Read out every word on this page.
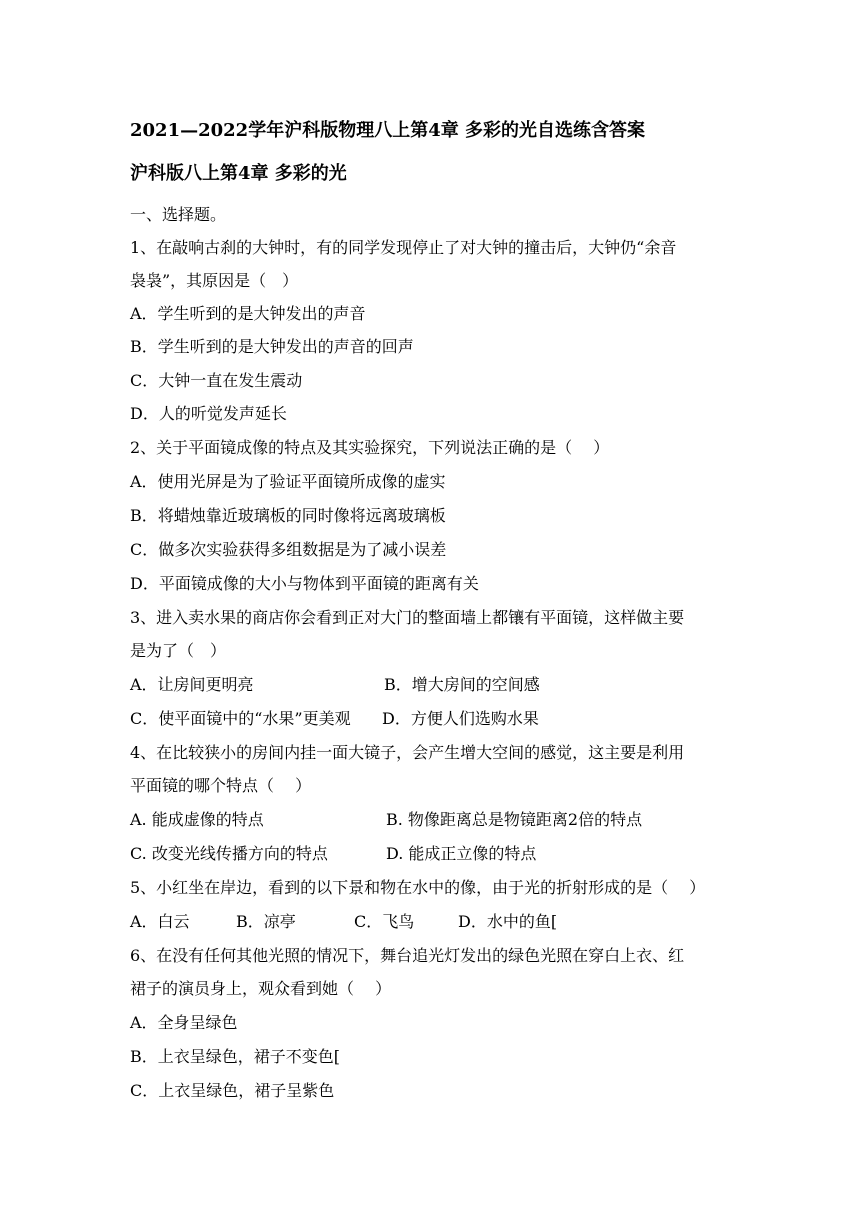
2021—2022学年沪科版物理八上第4章 多彩的光自选练含答案
沪科版八上第4章 多彩的光
一、选择题。
1、在敲响古刹的大钟时，有的同学发现停止了对大钟的撞击后，大钟仍“余音
袅袅”，其原因是（　）
A．学生听到的是大钟发出的声音
B．学生听到的是大钟发出的声音的回声
C．大钟一直在发生震动
D．人的听觉发声延长
2、关于平面镜成像的特点及其实验探究，下列说法正确的是（　 ）
A．使用光屏是为了验证平面镜所成像的虚实
B．将蜡烛靠近玻璃板的同时像将远离玻璃板
C．做多次实验获得多组数据是为了减小误差
D．平面镜成像的大小与物体到平面镜的距离有关
3、进入卖水果的商店你会看到正对大门的整面墙上都镶有平面镜，这样做主要
是为了（　）
A．让房间更明亮	B．增大房间的空间感
C．使平面镜中的“水果”更美观 D．方便人们选购水果
4、在比较狭小的房间内挂一面大镜子，会产生增大空间的感觉，这主要是利用
平面镜的哪个特点（　 ）
A. 能成虚像的特点	B. 物像距离总是物镜距离2倍的特点
C. 改变光线传播方向的特点	D. 能成正立像的特点
5、小红坐在岸边，看到的以下景和物在水中的像，由于光的折射形成的是（　 ）
A．白云	B．凉亭	C．飞鸟	D．水中的鱼[
6、在没有任何其他光照的情况下，舞台追光灯发出的绿色光照在穿白上衣、红
裙子的演员身上，观众看到她（　 ）
A．全身呈绿色
B．上衣呈绿色，裙子不变色[
C．上衣呈绿色，裙子呈紫色
